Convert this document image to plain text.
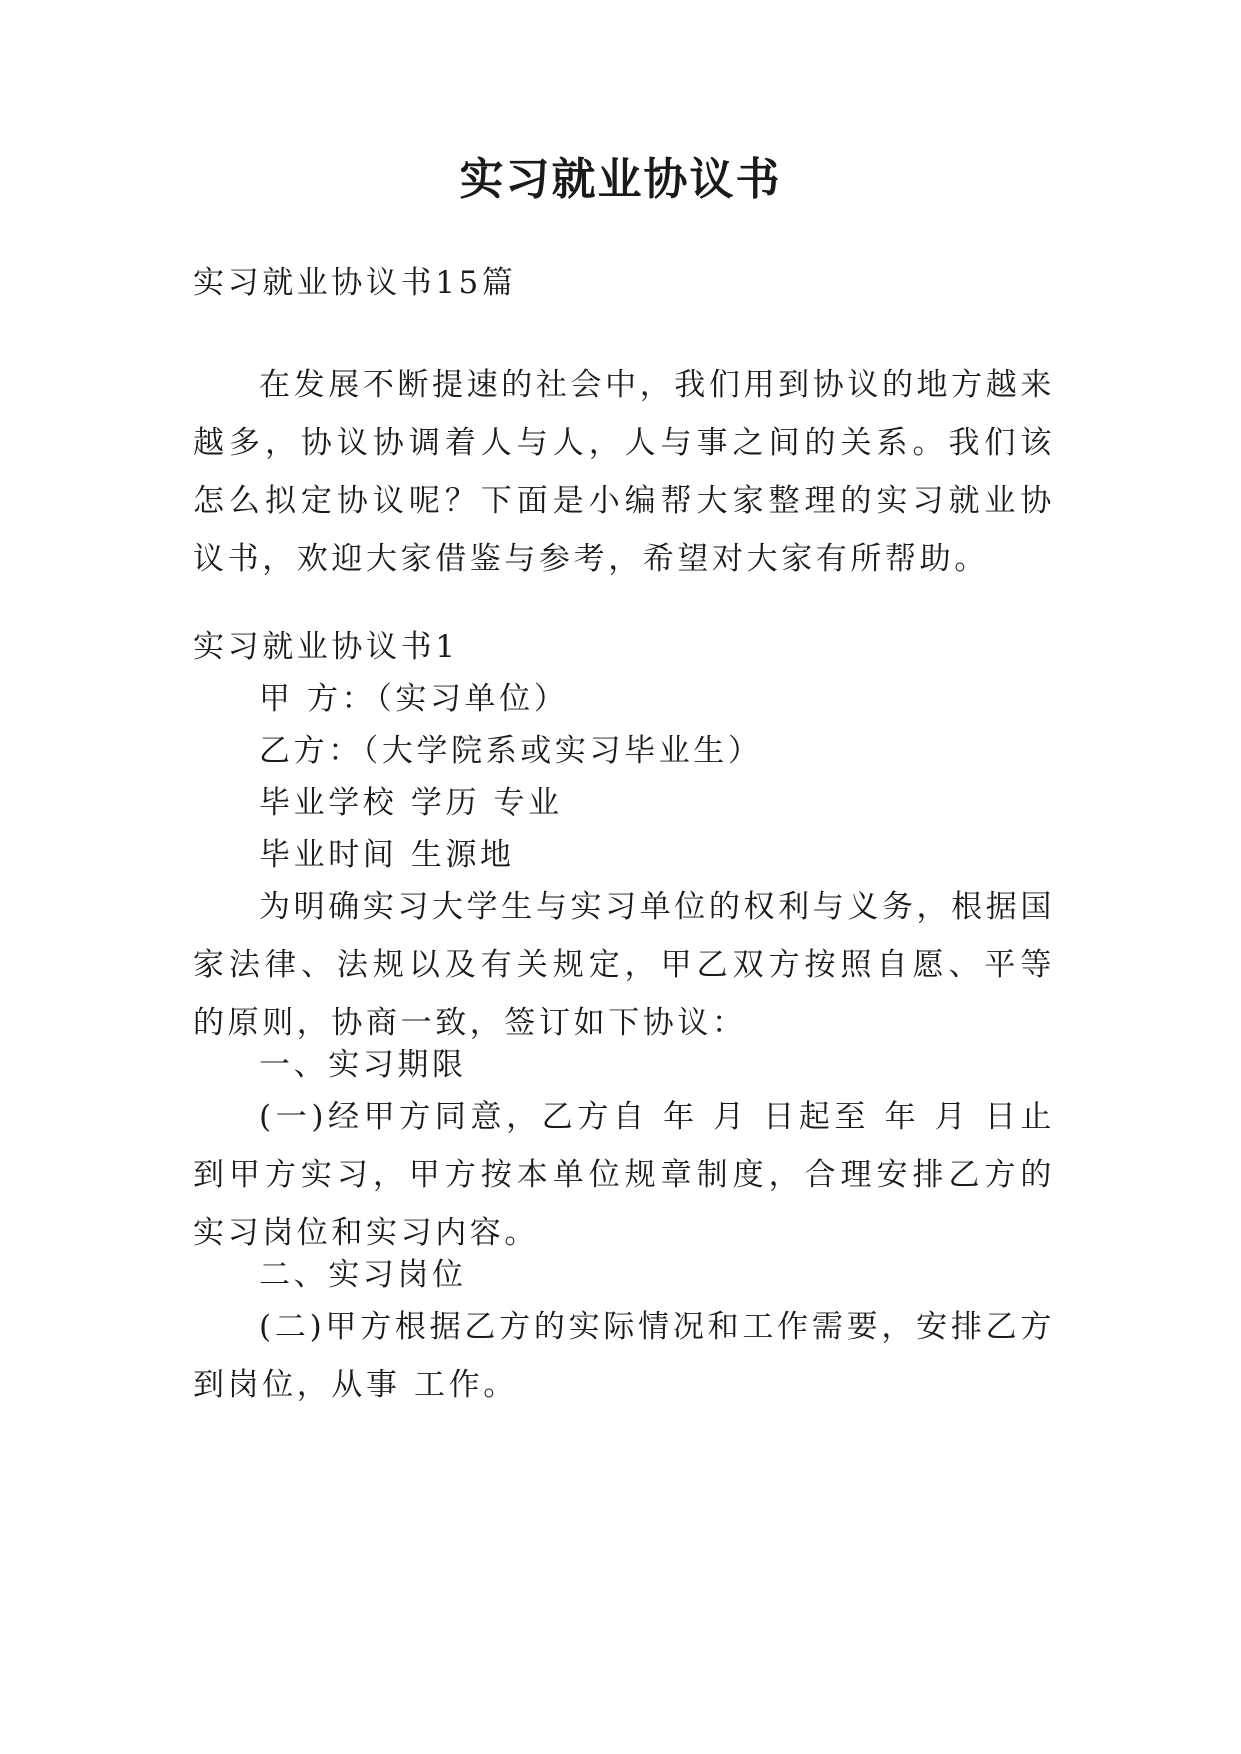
实习就业协议书

实习就业协议书15篇

在发展不断提速的社会中，我们用到协议的地方越来越多，协议协调着人与人，人与事之间的关系。我们该怎么拟定协议呢？下面是小编帮大家整理的实习就业协议书，欢迎大家借鉴与参考，希望对大家有所帮助。

实习就业协议书1

甲 方：（实习单位）

乙方：（大学院系或实习毕业生）

毕业学校 学历 专业

毕业时间 生源地

为明确实习大学生与实习单位的权利与义务，根据国家法律、法规以及有关规定，甲乙双方按照自愿、平等的原则，协商一致，签订如下协议：

一、实习期限

(一)经甲方同意，乙方自 年 月 日起至 年 月 日止到甲方实习，甲方按本单位规章制度，合理安排乙方的实习岗位和实习内容。

二、实习岗位

(二)甲方根据乙方的实际情况和工作需要，安排乙方到岗位，从事 工作。
